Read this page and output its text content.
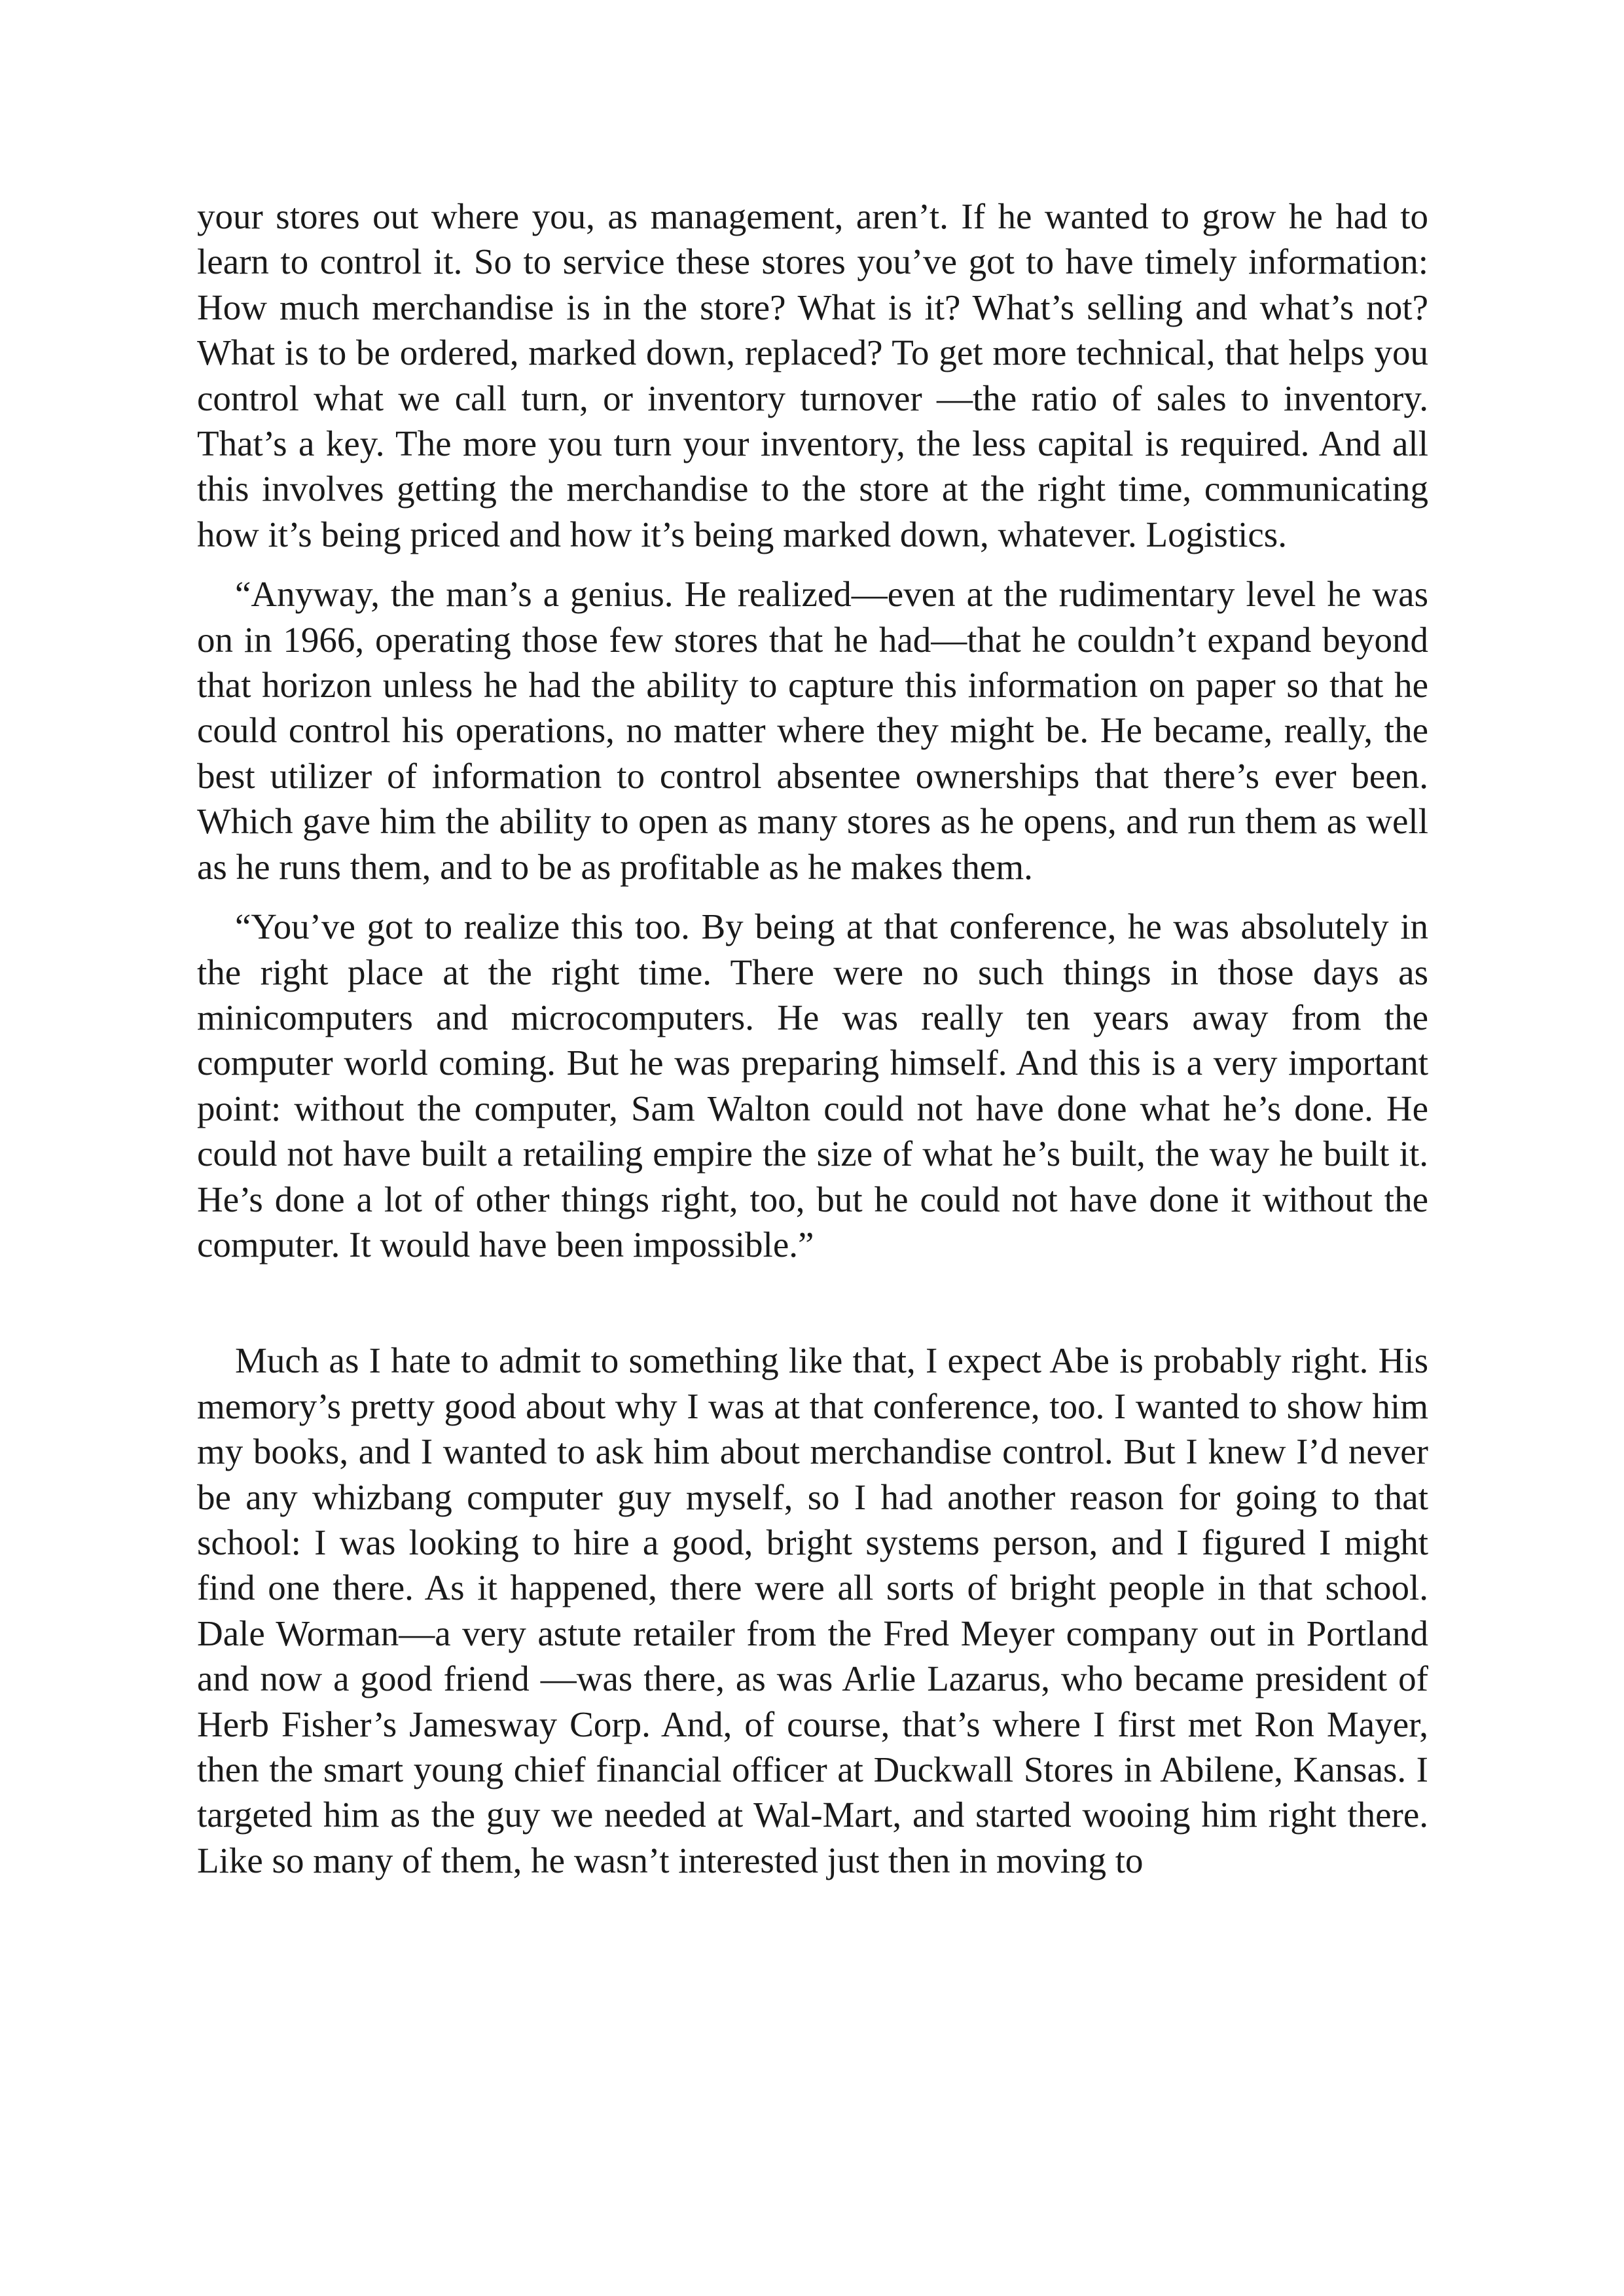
your stores out where you, as management, aren’t. If he wanted to grow he had to learn to control it. So to service these stores you’ve got to have timely information: How much merchandise is in the store? What is it? What’s selling and what’s not? What is to be ordered, marked down, replaced? To get more technical, that helps you control what we call turn, or inventory turnover —the ratio of sales to inventory. That’s a key. The more you turn your inventory, the less capital is required. And all this involves getting the merchandise to the store at the right time, communicating how it’s being priced and how it’s being marked down, whatever. Logistics.

“Anyway, the man’s a genius. He realized—even at the rudimentary level he was on in 1966, operating those few stores that he had—that he couldn’t expand beyond that horizon unless he had the ability to capture this information on paper so that he could control his operations, no matter where they might be. He became, really, the best utilizer of information to control absentee ownerships that there’s ever been. Which gave him the ability to open as many stores as he opens, and run them as well as he runs them, and to be as profitable as he makes them.

“You’ve got to realize this too. By being at that conference, he was absolutely in the right place at the right time. There were no such things in those days as minicomputers and microcomputers. He was really ten years away from the computer world coming. But he was preparing himself. And this is a very important point: without the computer, Sam Walton could not have done what he’s done. He could not have built a retailing empire the size of what he’s built, the way he built it. He’s done a lot of other things right, too, but he could not have done it without the computer. It would have been impossible.”

Much as I hate to admit to something like that, I expect Abe is probably right. His memory’s pretty good about why I was at that conference, too. I wanted to show him my books, and I wanted to ask him about merchandise control. But I knew I’d never be any whizbang computer guy myself, so I had another reason for going to that school: I was looking to hire a good, bright systems person, and I figured I might find one there. As it happened, there were all sorts of bright people in that school. Dale Worman—a very astute retailer from the Fred Meyer company out in Portland and now a good friend —was there, as was Arlie Lazarus, who became president of Herb Fisher’s Jamesway Corp. And, of course, that’s where I first met Ron Mayer, then the smart young chief financial officer at Duckwall Stores in Abilene, Kansas. I targeted him as the guy we needed at Wal-Mart, and started wooing him right there. Like so many of them, he wasn’t interested just then in moving to
